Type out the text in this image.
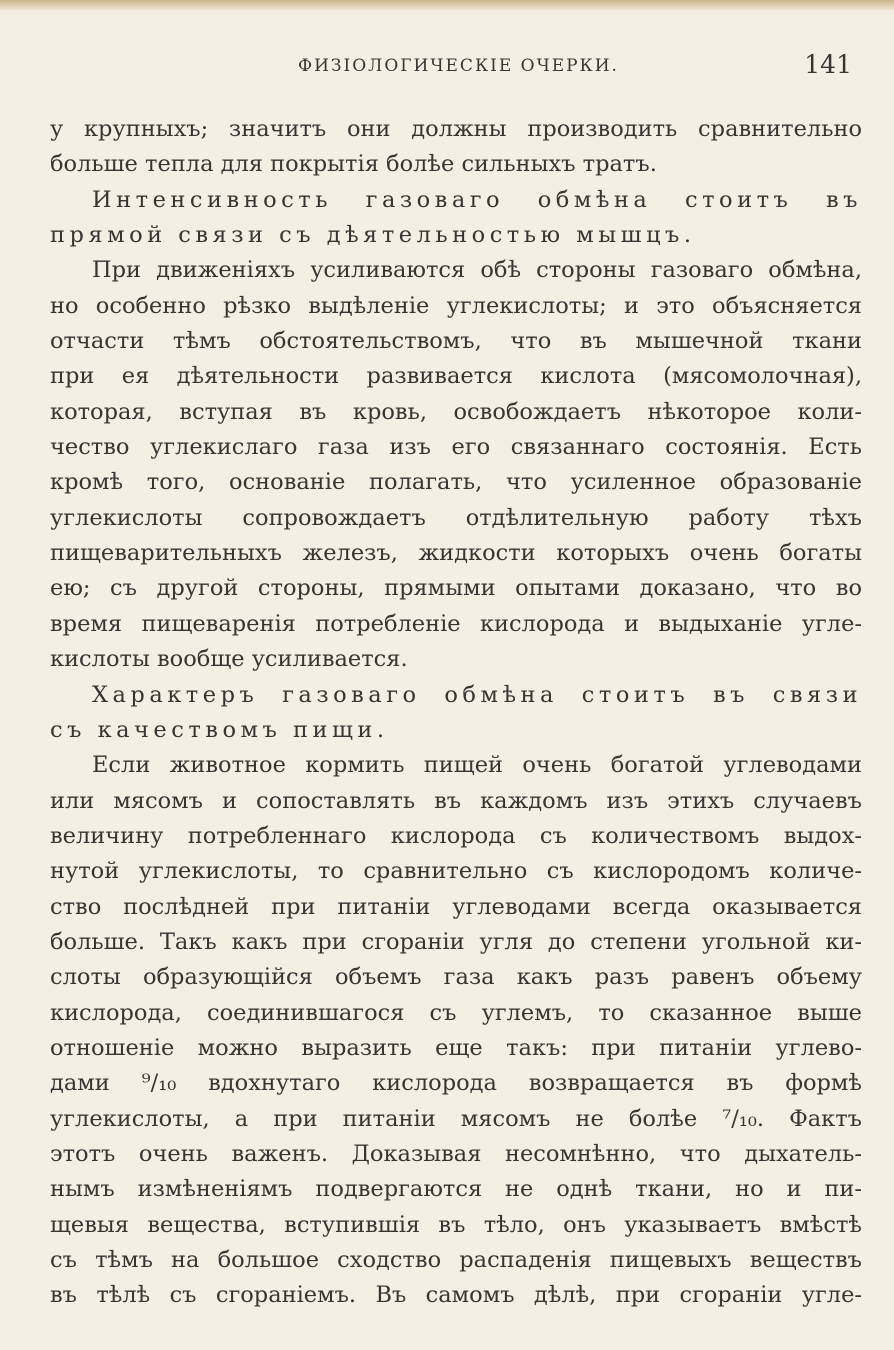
ФИЗIОЛОГИЧЕСКIЕ ОЧЕРКИ.	141
у крупныхъ; значитъ они должны производить сравнительно
больше тепла для покрытiя болѣе сильныхъ тратъ.
Интенсивность газоваго обмѣна стоитъ въ
прямой связи съ дѣятельностью мышцъ.
При движенiяхъ усиливаются обѣ стороны газоваго обмѣна,
но особенно рѣзко выдѣленiе углекислоты; и это объясняется
отчасти тѣмъ обстоятельствомъ, что въ мышечной ткани
при ея дѣятельности развивается кислота (мясомолочная),
которая, вступая въ кровь, освобождаетъ нѣкоторое коли-
чество углекислаго газа изъ его связаннаго состоянiя. Есть
кромѣ того, основанiе полагать, что усиленное образованiе
углекислоты сопровождаетъ отдѣлительную работу тѣхъ
пищеварительныхъ железъ, жидкости которыхъ очень богаты
ею; съ другой стороны, прямыми опытами доказано, что во
время пищеваренiя потребленiе кислорода и выдыханiе угле-
кислоты вообще усиливается.
Характеръ газоваго обмѣна стоитъ въ связи
съ качествомъ пищи.
Если животное кормить пищей очень богатой углеводами
или мясомъ и сопоставлять въ каждомъ изъ этихъ случаевъ
величину потребленнаго кислорода съ количествомъ выдох-
нутой углекислоты, то сравнительно съ кислородомъ количе-
ство послѣдней при питанiи углеводами всегда оказывается
больше. Такъ какъ при сгоранiи угля до степени угольной ки-
слоты образующiйся объемъ газа какъ разъ равенъ объему
кислорода, соединившагося съ углемъ, то сказанное выше
отношенiе можно выразить еще такъ: при питанiи углево-
дами ⁹/₁₀ вдохнутаго кислорода возвращается въ формѣ
углекислоты, а при питанiи мясомъ не болѣе ⁷/₁₀. Фактъ
этотъ очень важенъ. Доказывая несомнѣнно, что дыхатель-
нымъ измѣненiямъ подвергаются не однѣ ткани, но и пи-
щевыя вещества, вступившiя въ тѣло, онъ указываетъ вмѣстѣ
съ тѣмъ на большое сходство распаденiя пищевыхъ веществъ
въ тѣлѣ съ сгоранiемъ. Въ самомъ дѣлѣ, при сгоранiи угле-
